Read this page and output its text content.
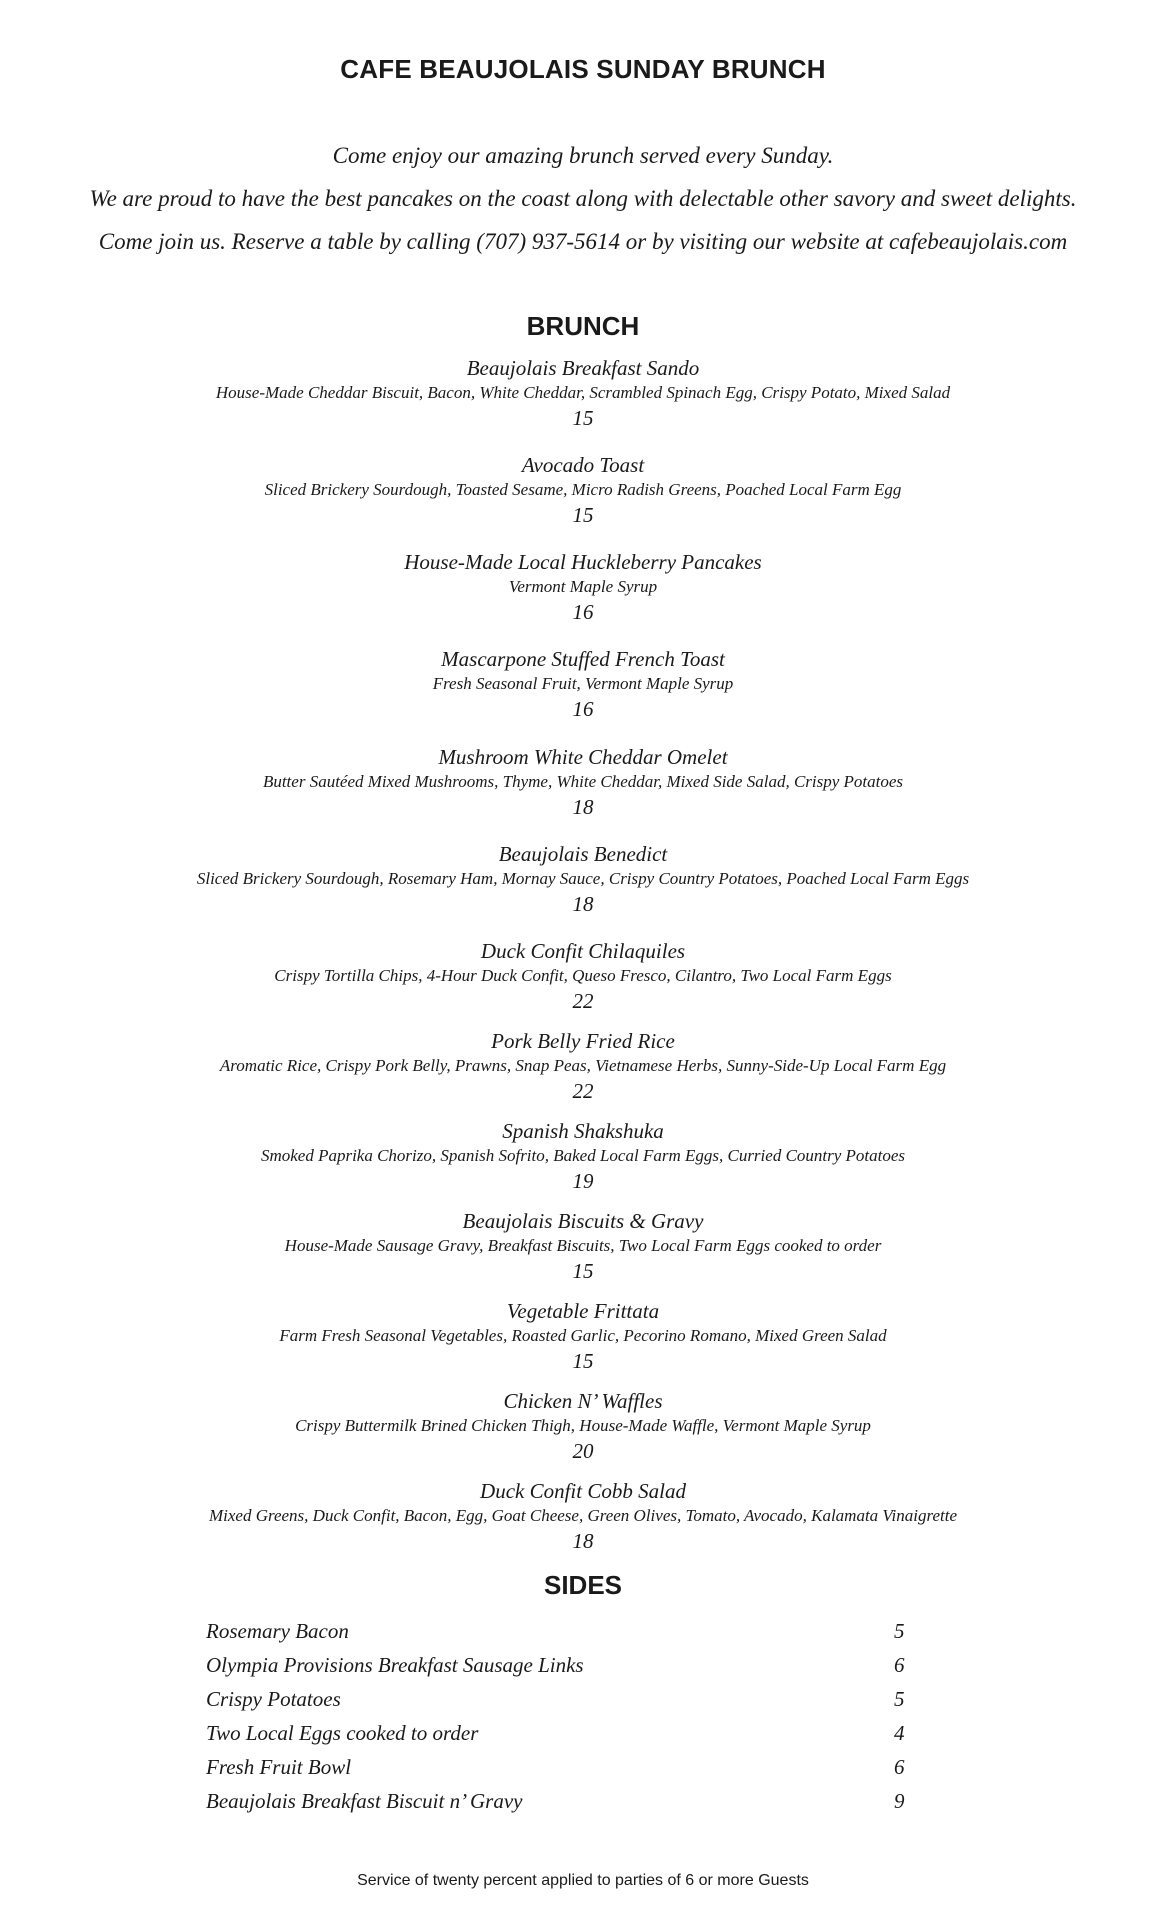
CAFE BEAUJOLAIS SUNDAY BRUNCH
Come enjoy our amazing brunch served every Sunday.
We are proud to have the best pancakes on the coast along with delectable other savory and sweet delights.
Come join us. Reserve a table by calling (707) 937-5614 or by visiting our website at cafebeaujolais.com
BRUNCH
Beaujolais Breakfast Sando
House-Made Cheddar Biscuit, Bacon, White Cheddar, Scrambled Spinach Egg, Crispy Potato, Mixed Salad
15
Avocado Toast
Sliced Brickery Sourdough, Toasted Sesame, Micro Radish Greens, Poached Local Farm Egg
15
House-Made Local Huckleberry Pancakes
Vermont Maple Syrup
16
Mascarpone Stuffed French Toast
Fresh Seasonal Fruit, Vermont Maple Syrup
16
Mushroom White Cheddar Omelet
Butter Sautéed Mixed Mushrooms, Thyme, White Cheddar, Mixed Side Salad, Crispy Potatoes
18
Beaujolais Benedict
Sliced Brickery Sourdough, Rosemary Ham, Mornay Sauce, Crispy Country Potatoes, Poached Local Farm Eggs
18
Duck Confit Chilaquiles
Crispy Tortilla Chips, 4-Hour Duck Confit, Queso Fresco, Cilantro, Two Local Farm Eggs
22
Pork Belly Fried Rice
Aromatic Rice, Crispy Pork Belly, Prawns, Snap Peas, Vietnamese Herbs, Sunny-Side-Up Local Farm Egg
22
Spanish Shakshuka
Smoked Paprika Chorizo, Spanish Sofrito, Baked Local Farm Eggs, Curried Country Potatoes
19
Beaujolais Biscuits & Gravy
House-Made Sausage Gravy, Breakfast Biscuits, Two Local Farm Eggs cooked to order
15
Vegetable Frittata
Farm Fresh Seasonal Vegetables, Roasted Garlic, Pecorino Romano, Mixed Green Salad
15
Chicken N’ Waffles
Crispy Buttermilk Brined Chicken Thigh, House-Made Waffle, Vermont Maple Syrup
20
Duck Confit Cobb Salad
Mixed Greens, Duck Confit, Bacon, Egg, Goat Cheese, Green Olives, Tomato, Avocado, Kalamata Vinaigrette
18
SIDES
Rosemary Bacon	5
Olympia Provisions Breakfast Sausage Links	6
Crispy Potatoes	5
Two Local Eggs cooked to order	4
Fresh Fruit Bowl	6
Beaujolais Breakfast Biscuit n’ Gravy	9
Service of twenty percent applied to parties of 6 or more Guests
